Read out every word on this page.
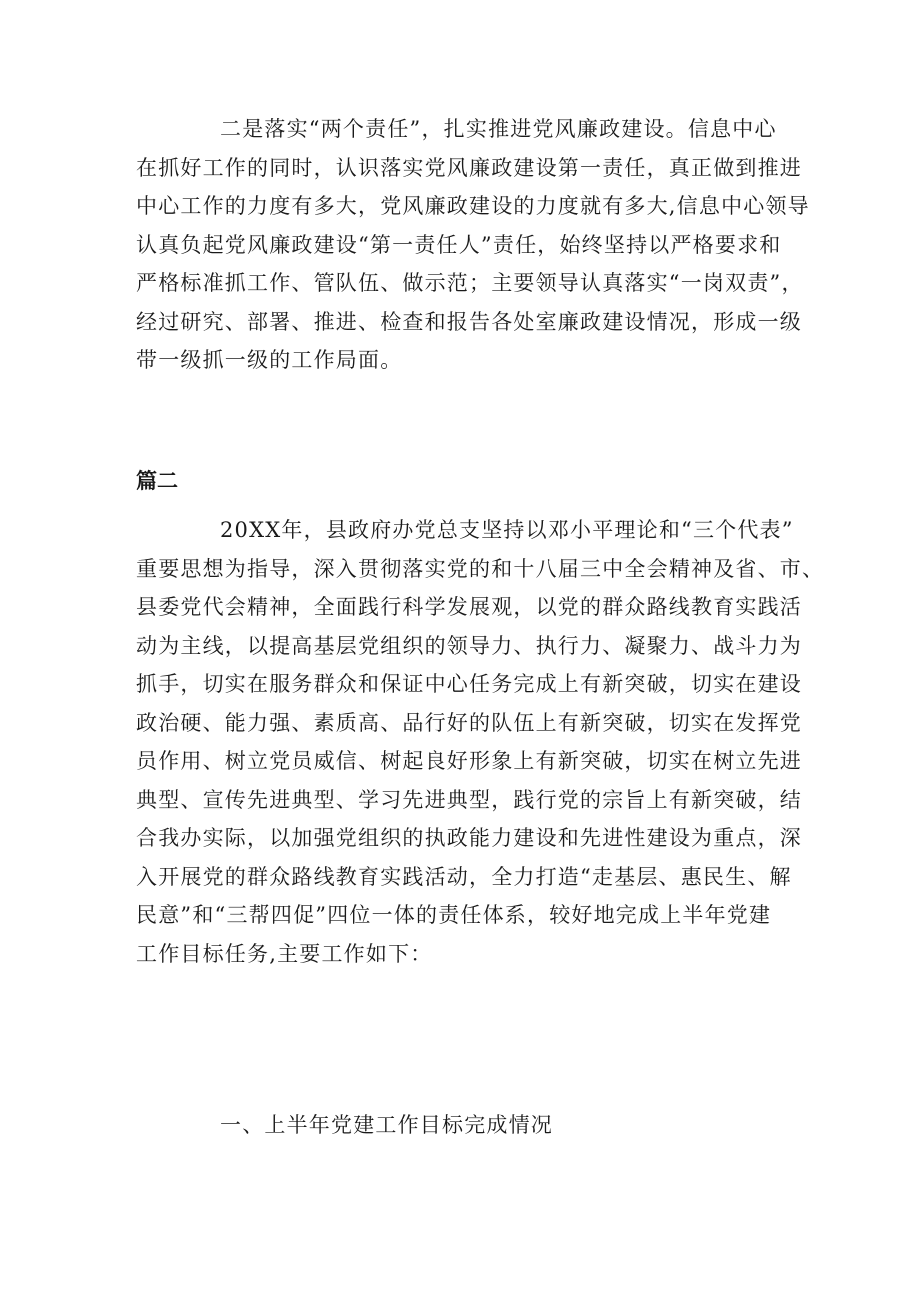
二是落实“两个责任”，扎实推进党风廉政建设。信息中心
在抓好工作的同时，认识落实党风廉政建设第一责任，真正做到推进
中心工作的力度有多大，党风廉政建设的力度就有多大,信息中心领导
认真负起党风廉政建设“第一责任人”责任，始终坚持以严格要求和
严格标准抓工作、管队伍、做示范；主要领导认真落实“一岗双责”，
经过研究、部署、推进、检查和报告各处室廉政建设情况，形成一级
带一级抓一级的工作局面。
篇二
20XX年，县政府办党总支坚持以邓小平理论和“三个代表”
重要思想为指导，深入贯彻落实党的和十八届三中全会精神及省、市、
县委党代会精神，全面践行科学发展观，以党的群众路线教育实践活
动为主线，以提高基层党组织的领导力、执行力、凝聚力、战斗力为
抓手，切实在服务群众和保证中心任务完成上有新突破，切实在建设
政治硬、能力强、素质高、品行好的队伍上有新突破，切实在发挥党
员作用、树立党员威信、树起良好形象上有新突破，切实在树立先进
典型、宣传先进典型、学习先进典型，践行党的宗旨上有新突破，结
合我办实际，以加强党组织的执政能力建设和先进性建设为重点，深
入开展党的群众路线教育实践活动，全力打造“走基层、惠民生、解
民意”和“三帮四促”四位一体的责任体系，较好地完成上半年党建
工作目标任务,主要工作如下：
一、上半年党建工作目标完成情况
